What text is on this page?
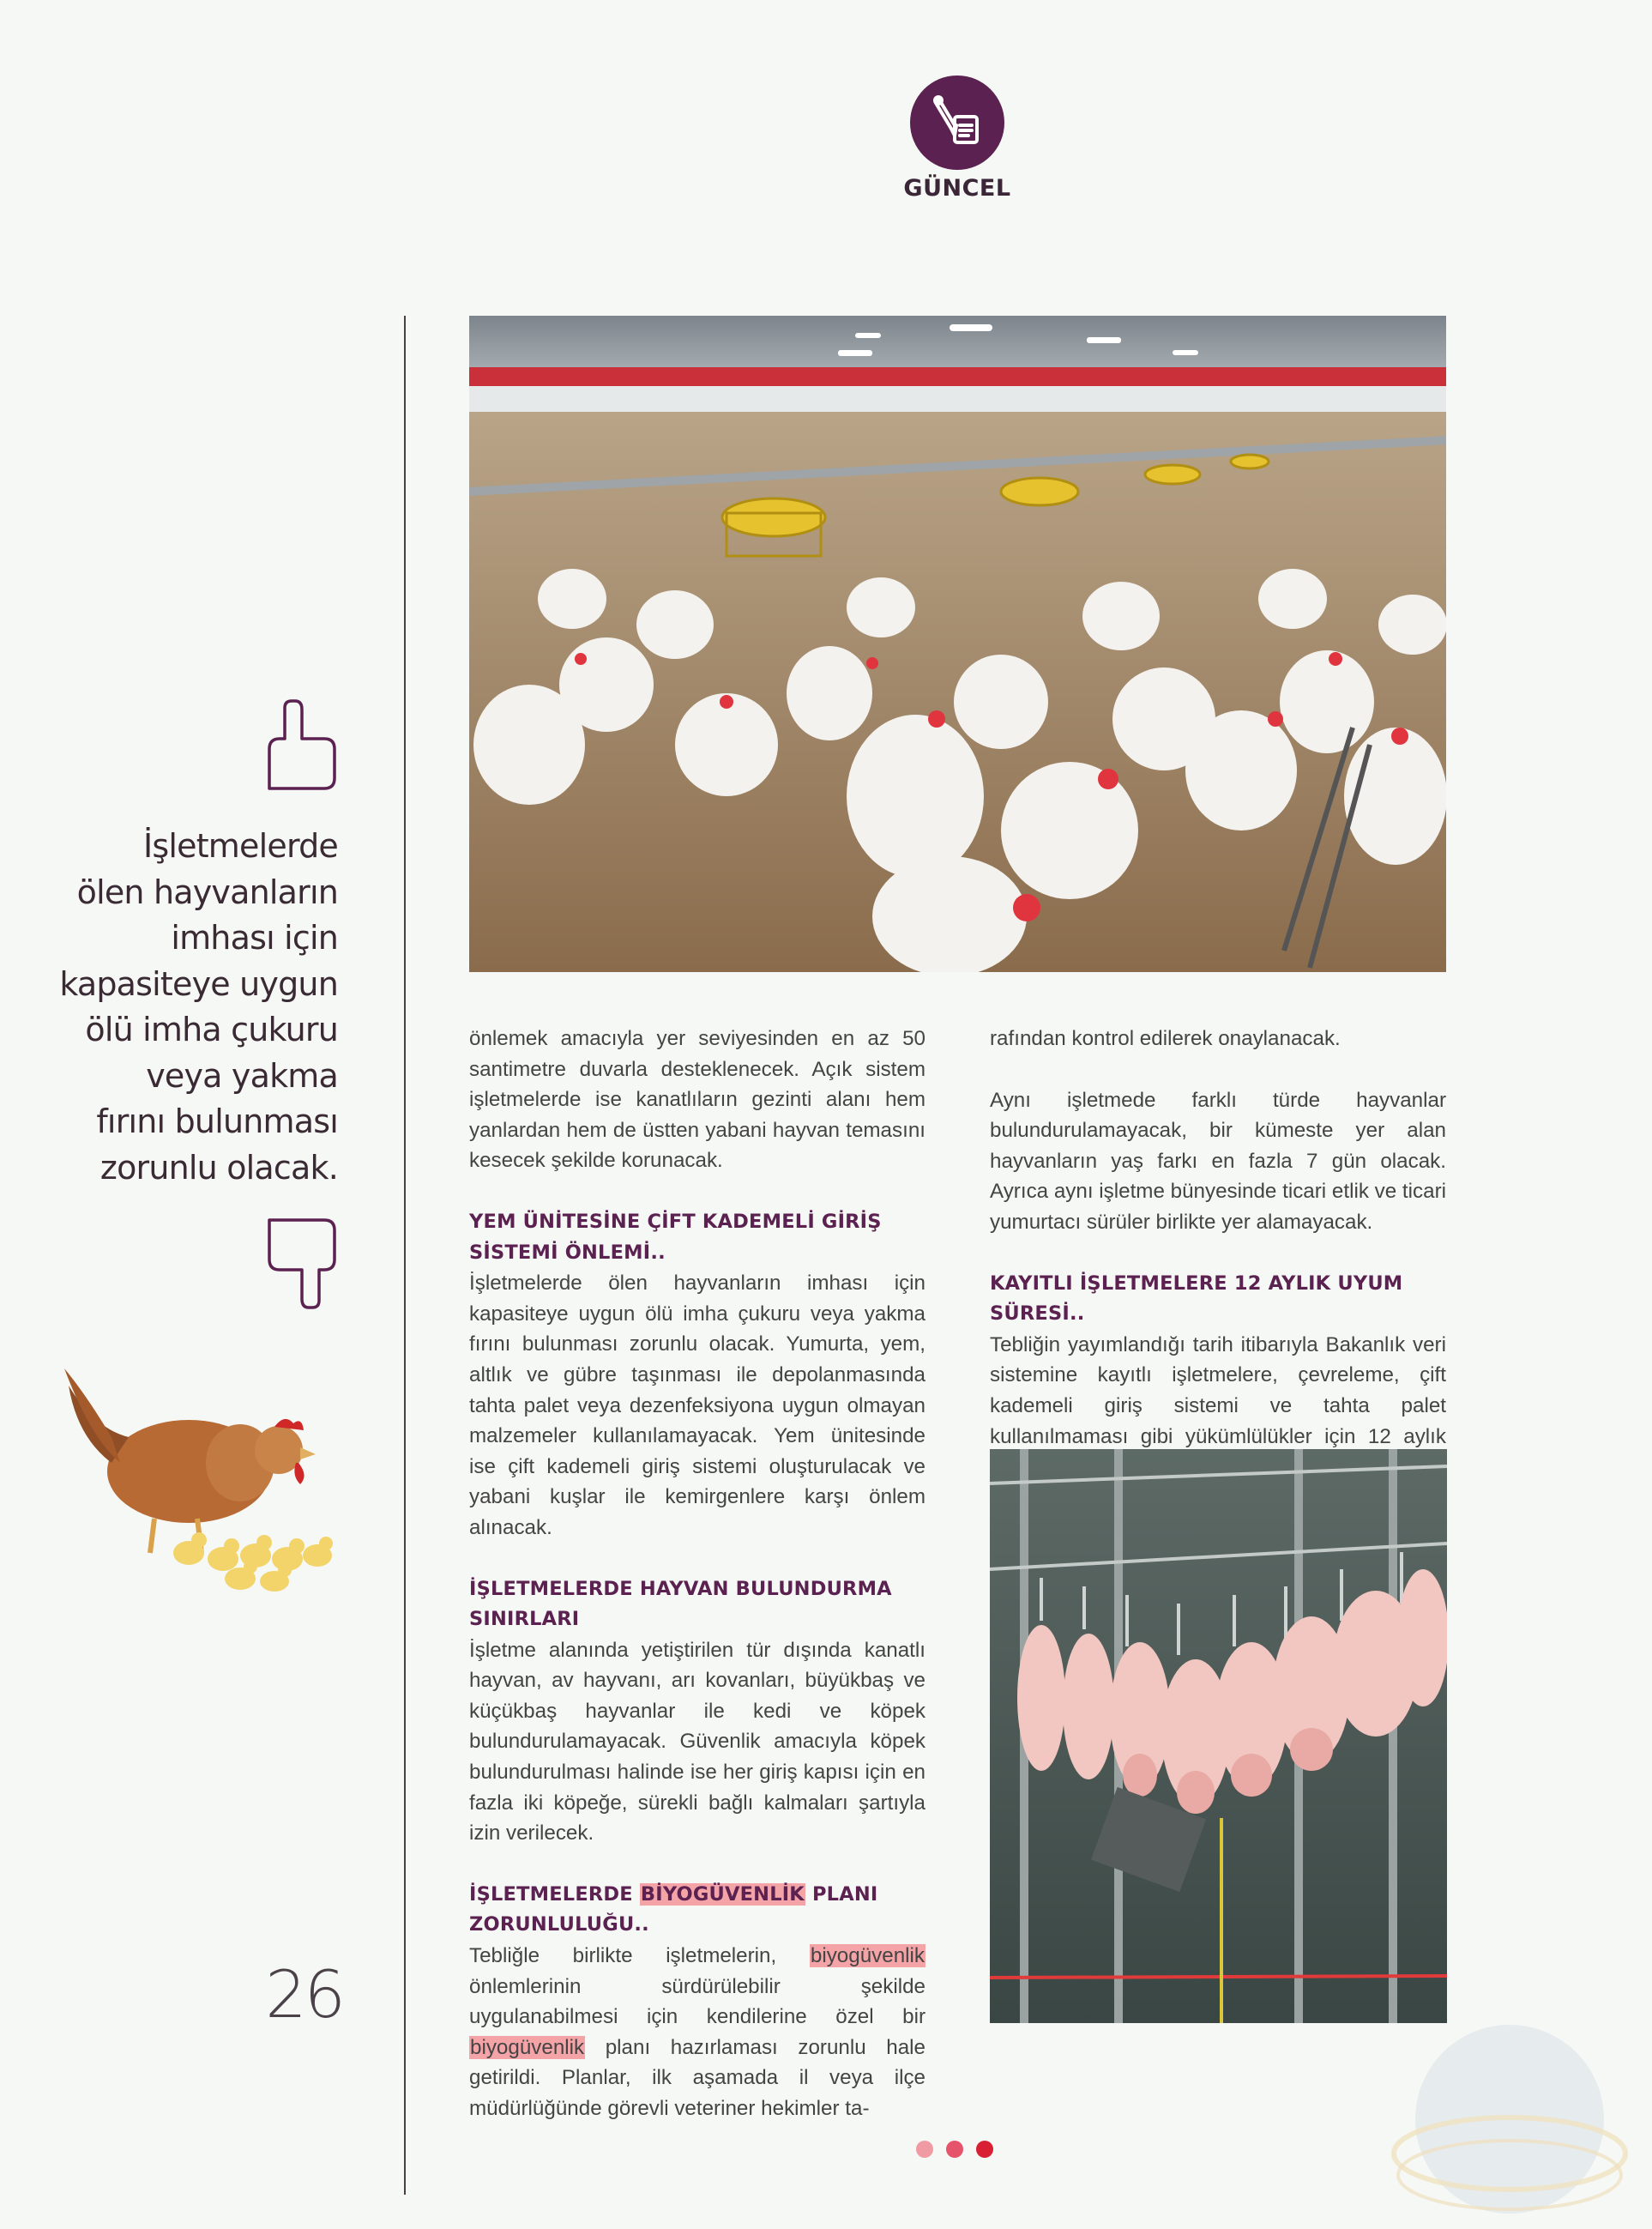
GÜNCEL
İşletmelerde
ölen hayvanların
imhası için
kapasiteye uygun
ölü imha çukuru
veya yakma
fırını bulunması
zorunlu olacak.
26

önlemek amacıyla yer seviyesinden en az 50 santimetre duvarla desteklenecek. Açık sistem işletmelerde ise kanatlıların gezinti alanı hem yanlardan hem de üstten yabani hayvan temasını kesecek şekilde korunacak.

YEM ÜNİTESİNE ÇİFT KADEMELİ GİRİŞ SİSTEMİ ÖNLEMİ..

İşletmelerde ölen hayvanların imhası için kapasiteye uygun ölü imha çukuru veya yakma fırını bulunması zorunlu olacak. Yumurta, yem, altlık ve gübre taşınması ile depolanmasında tahta palet veya dezenfeksiyona uygun olmayan malzemeler kullanılamayacak. Yem ünitesinde ise çift kademeli giriş sistemi oluşturulacak ve yabani kuşlar ile kemirgenlere karşı önlem alınacak.

İŞLETMELERDE HAYVAN BULUNDURMA SINIRLARI

İşletme alanında yetiştirilen tür dışında kanatlı hayvan, av hayvanı, arı kovanları, büyükbaş ve küçükbaş hayvanlar ile kedi ve köpek bulundurulamayacak. Güvenlik amacıyla köpek bulundurulması halinde ise her giriş kapısı için en fazla iki köpeğe, sürekli bağlı kalmaları şartıyla izin verilecek.

İŞLETMELERDE BİYOGÜVENLİK PLANI ZORUNLULUĞU..

Tebliğle birlikte işletmelerin, biyogüvenlik önlemlerinin sürdürülebilir şekilde uygulanabilmesi için kendilerine özel bir biyogüvenlik planı hazırlaması zorunlu hale getirildi. Planlar, ilk aşamada il veya ilçe müdürlüğünde görevli veteriner hekimler ta-

rafından kontrol edilerek onaylanacak.

Aynı işletmede farklı türde hayvanlar bulundurulamayacak, bir kümeste yer alan hayvanların yaş farkı en fazla 7 gün olacak. Ayrıca aynı işletme bünyesinde ticari etlik ve ticari yumurtacı sürüler birlikte yer alamayacak.

KAYITLI İŞLETMELERE 12 AYLIK UYUM SÜRESİ..

Tebliğin yayımlandığı tarih itibarıyla Bakanlık veri sistemine kayıtlı işletmelere, çevreleme, çift kademeli giriş sistemi ve tahta palet kullanılmaması gibi yükümlülükler için 12 aylık
